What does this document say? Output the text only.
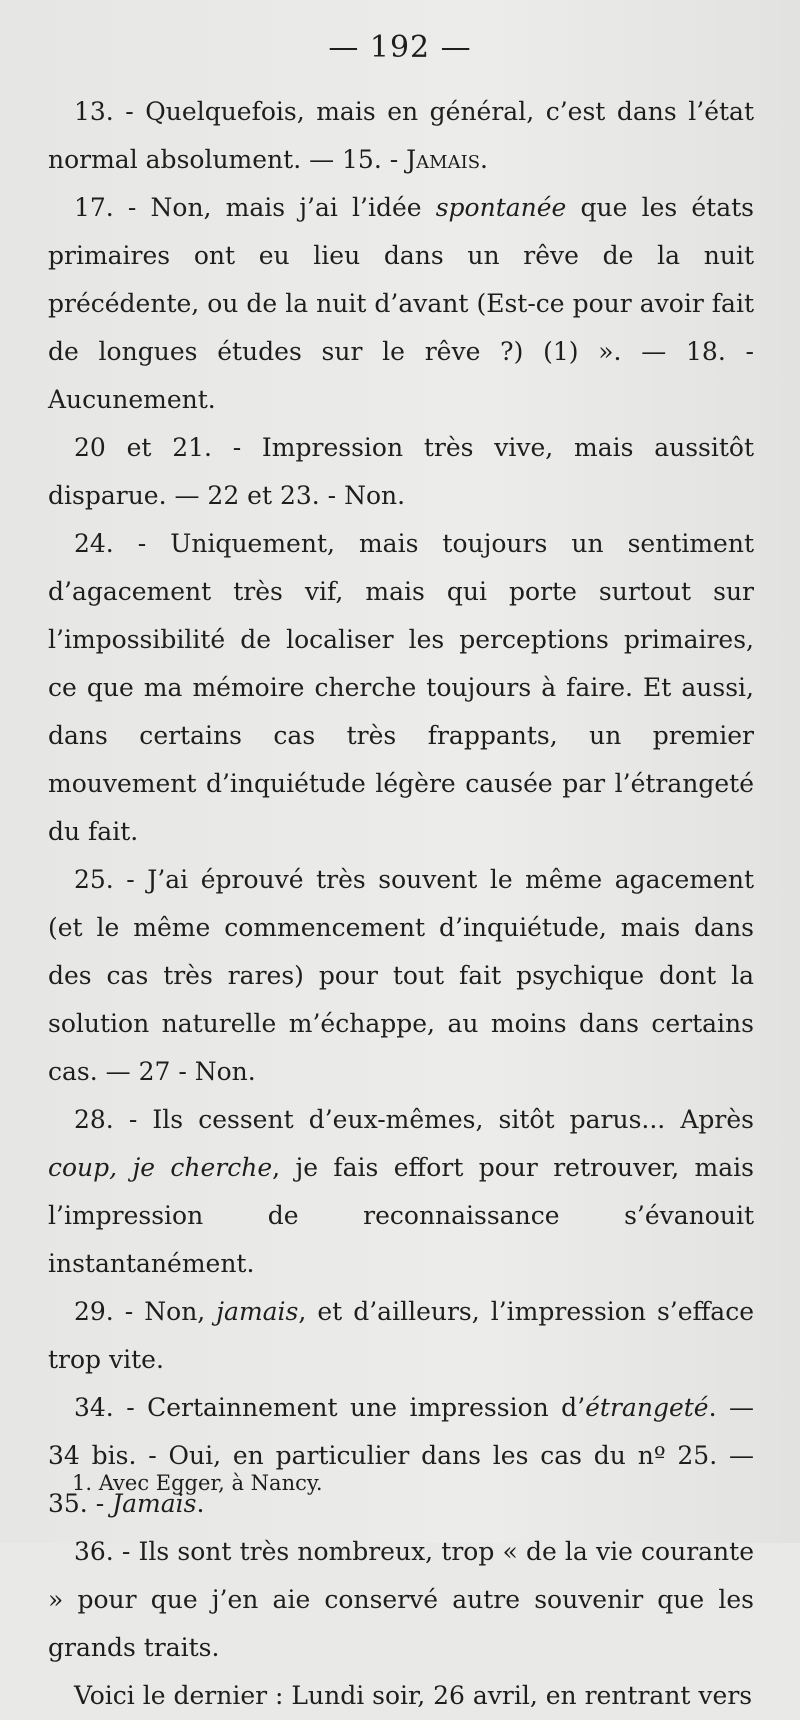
— 192 —

13. - Quelquefois, mais en général, c’est dans l’état normal absolument. — 15. - Jamais.

17. - Non, mais j’ai l’idée spontanée que les états primaires ont eu lieu dans un rêve de la nuit précédente, ou de la nuit d’avant (Est-ce pour avoir fait de longues études sur le rêve ?) (1) ». — 18. - Aucunement.

20 et 21. - Impression très vive, mais aussitôt disparue. — 22 et 23. - Non.

24. - Uniquement, mais toujours un sentiment d’agacement très vif, mais qui porte surtout sur l’impossibilité de localiser les perceptions primaires, ce que ma mémoire cherche toujours à faire. Et aussi, dans certains cas très frappants, un premier mouvement d’inquiétude légère causée par l’étrangeté du fait.

25. - J’ai éprouvé très souvent le même agacement (et le même commencement d’inquiétude, mais dans des cas très rares) pour tout fait psychique dont la solution naturelle m’échappe, au moins dans certains cas. — 27 - Non.

28. - Ils cessent d’eux-mêmes, sitôt parus... Après coup, je cherche, je fais effort pour retrouver, mais l’impression de reconnaissance s’évanouit instantanément.

29. - Non, jamais, et d’ailleurs, l’impression s’efface trop vite.

34. - Certainnement une impression d’étrangeté. — 34 bis. - Oui, en particulier dans les cas du nº 25. — 35. - Jamais.

36. - Ils sont très nombreux, trop « de la vie courante » pour que j’en aie conservé autre souvenir que les grands traits.

Voici le dernier : Lundi soir, 26 avril, en rentrant vers

1. Avec Egger, à Nancy.
